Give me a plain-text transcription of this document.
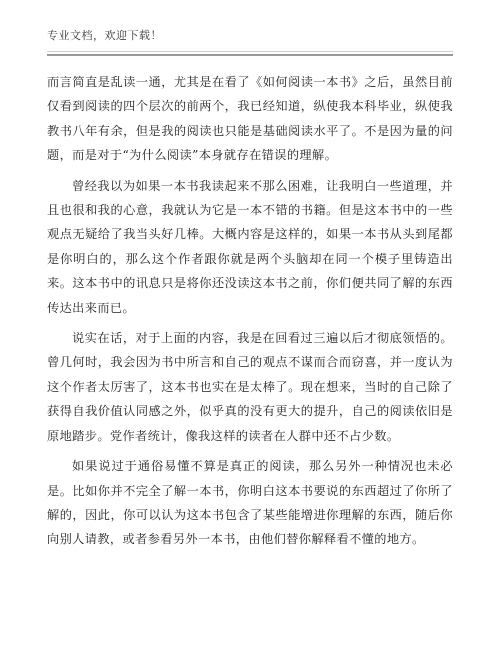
专业文档，欢迎下载！

而言简直是乱读一通，尤其是在看了《如何阅读一本书》之后，虽然目前仅看到阅读的四个层次的前两个，我已经知道，纵使我本科毕业，纵使我教书八年有余，但是我的阅读也只能是基础阅读水平了。不是因为量的问题，而是对于“为什么阅读”本身就存在错误的理解。

曾经我以为如果一本书我读起来不那么困难，让我明白一些道理，并且也很和我的心意，我就认为它是一本不错的书籍。但是这本书中的一些观点无疑给了我当头好几棒。大概内容是这样的，如果一本书从头到尾都是你明白的，那么这个作者跟你就是两个头脑却在同一个模子里铸造出来。这本书中的讯息只是将你还没读这本书之前，你们便共同了解的东西传达出来而已。

说实在话，对于上面的内容，我是在回看过三遍以后才彻底领悟的。曾几何时，我会因为书中所言和自己的观点不谋而合而窃喜，并一度认为这个作者太厉害了，这本书也实在是太棒了。现在想来，当时的自己除了获得自我价值认同感之外，似乎真的没有更大的提升，自己的阅读依旧是原地踏步。党作者统计，像我这样的读者在人群中还不占少数。

如果说过于通俗易懂不算是真正的阅读，那么另外一种情况也未必是。比如你并不完全了解一本书，你明白这本书要说的东西超过了你所了解的，因此，你可以认为这本书包含了某些能增进你理解的东西，随后你向别人请教，或者参看另外一本书，由他们替你解释看不懂的地方。
